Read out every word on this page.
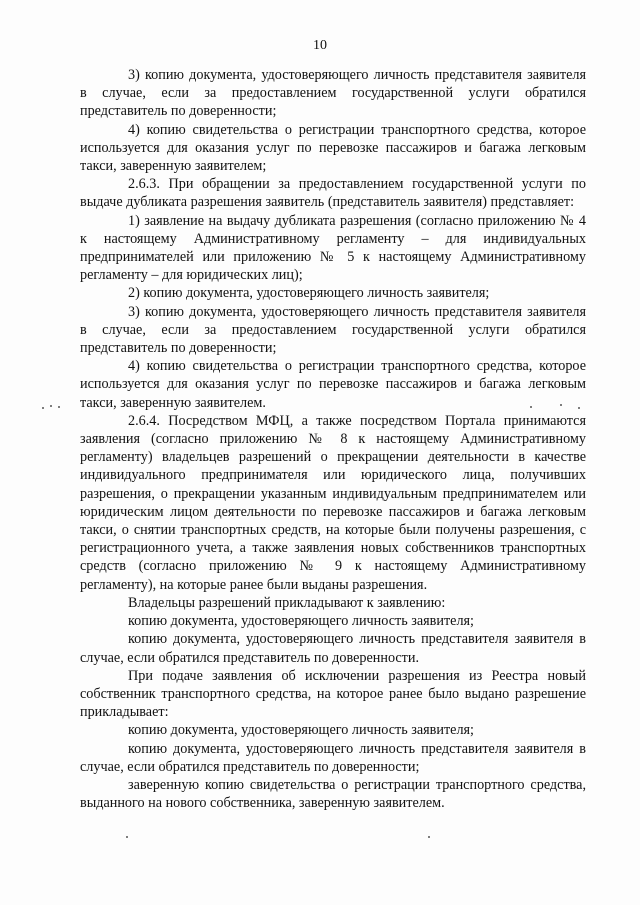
10

3) копию документа, удостоверяющего личность представителя заявителя в случае, если за предоставлением государственной услуги обратился представитель по доверенности;

4) копию свидетельства о регистрации транспортного средства, которое используется для оказания услуг по перевозке пассажиров и багажа легковым такси, заверенную заявителем;

2.6.3. При обращении за предоставлением государственной услуги по выдаче дубликата разрешения заявитель (представитель заявителя) представляет:

1) заявление на выдачу дубликата разрешения (согласно приложению № 4 к настоящему Административному регламенту – для индивидуальных предпринимателей или приложению № 5 к настоящему Административному регламенту – для юридических лиц);

2) копию документа, удостоверяющего личность заявителя;

3) копию документа, удостоверяющего личность представителя заявителя в случае, если за предоставлением государственной услуги обратился представитель по доверенности;

4) копию свидетельства о регистрации транспортного средства, которое используется для оказания услуг по перевозке пассажиров и багажа легковым такси, заверенную заявителем.

2.6.4. Посредством МФЦ, а также посредством Портала принимаются заявления (согласно приложению № 8 к настоящему Административному регламенту) владельцев разрешений о прекращении деятельности в качестве индивидуального предпринимателя или юридического лица, получивших разрешения, о прекращении указанным индивидуальным предпринимателем или юридическим лицом деятельности по перевозке пассажиров и багажа легковым такси, о снятии транспортных средств, на которые были получены разрешения, с регистрационного учета, а также заявления новых собственников транспортных средств (согласно приложению № 9 к настоящему Административному регламенту), на которые ранее были выданы разрешения.

Владельцы разрешений прикладывают к заявлению:

копию документа, удостоверяющего личность заявителя;

копию документа, удостоверяющего личность представителя заявителя в случае, если обратился представитель по доверенности.

При подаче заявления об исключении разрешения из Реестра новый собственник транспортного средства, на которое ранее было выдано разрешение прикладывает:

копию документа, удостоверяющего личность заявителя;

копию документа, удостоверяющего личность представителя заявителя в случае, если обратился представитель по доверенности;

заверенную копию свидетельства о регистрации транспортного средства, выданного на нового собственника, заверенную заявителем.
